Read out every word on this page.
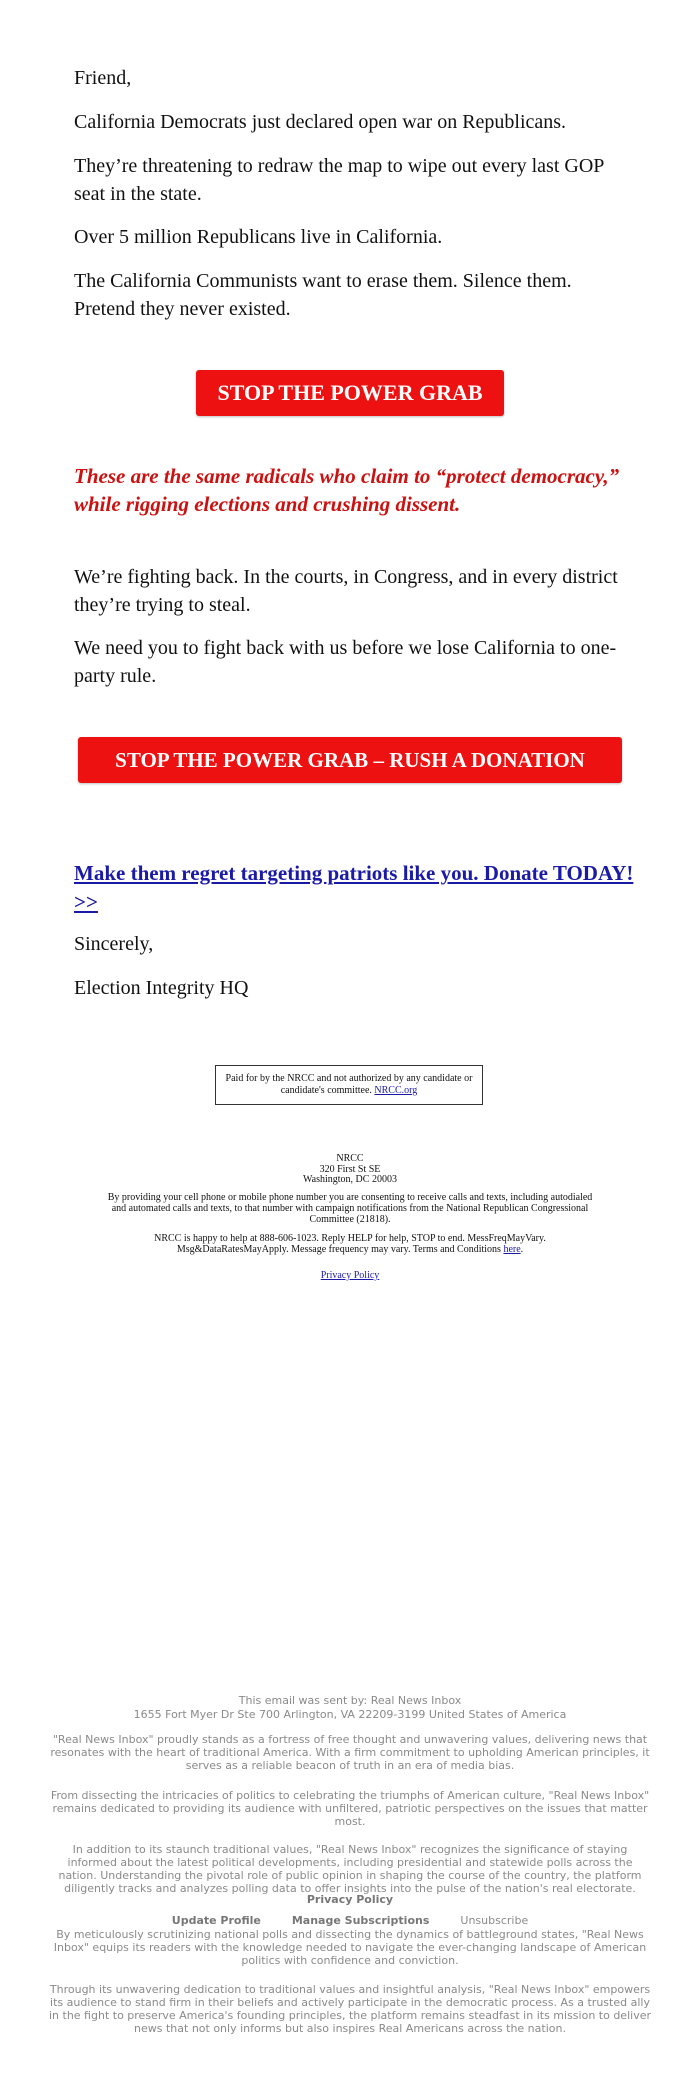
Friend,

California Democrats just declared open war on Republicans.

They’re threatening to redraw the map to wipe out every last GOP seat in the state.

Over 5 million Republicans live in California.

The California Communists want to erase them. Silence them. Pretend they never existed.

STOP THE POWER GRAB

These are the same radicals who claim to “protect democracy,” while rigging elections and crushing dissent.

We’re fighting back. In the courts, in Congress, and in every district they’re trying to steal.

We need you to fight back with us before we lose California to one-party rule.

STOP THE POWER GRAB – RUSH A DONATION

Make them regret targeting patriots like you. Donate TODAY! >>

Sincerely,

Election Integrity HQ

Paid for by the NRCC and not authorized by any candidate or candidate's committee. NRCC.org

NRCC

320 First St SE

Washington, DC 20003

By providing your cell phone or mobile phone number you are consenting to receive calls and texts, including autodialed and automated calls and texts, to that number with campaign notifications from the National Republican Congressional Committee (21818).

NRCC is happy to help at 888-606-1023. Reply HELP for help, STOP to end. MessFreqMayVary. Msg&DataRatesMayApply. Message frequency may vary. Terms and Conditions here.

Privacy Policy

This email was sent by: Real News Inbox

1655 Fort Myer Dr Ste 700 Arlington, VA 22209-3199 United States of America

"Real News Inbox" proudly stands as a fortress of free thought and unwavering values, delivering news that resonates with the heart of traditional America. With a firm commitment to upholding American principles, it serves as a reliable beacon of truth in an era of media bias.

From dissecting the intricacies of politics to celebrating the triumphs of American culture, "Real News Inbox" remains dedicated to providing its audience with unfiltered, patriotic perspectives on the issues that matter most.

In addition to its staunch traditional values, "Real News Inbox" recognizes the significance of staying informed about the latest political developments, including presidential and statewide polls across the nation. Understanding the pivotal role of public opinion in shaping the course of the country, the platform diligently tracks and analyzes polling data to offer insights into the pulse of the nation's real electorate.

Privacy Policy

Update Profile	Manage Subscriptions	Unsubscribe

By meticulously scrutinizing national polls and dissecting the dynamics of battleground states, "Real News Inbox" equips its readers with the knowledge needed to navigate the ever-changing landscape of American politics with confidence and conviction.

Through its unwavering dedication to traditional values and insightful analysis, "Real News Inbox" empowers its audience to stand firm in their beliefs and actively participate in the democratic process. As a trusted ally in the fight to preserve America's founding principles, the platform remains steadfast in its mission to deliver news that not only informs but also inspires Real Americans across the nation.
